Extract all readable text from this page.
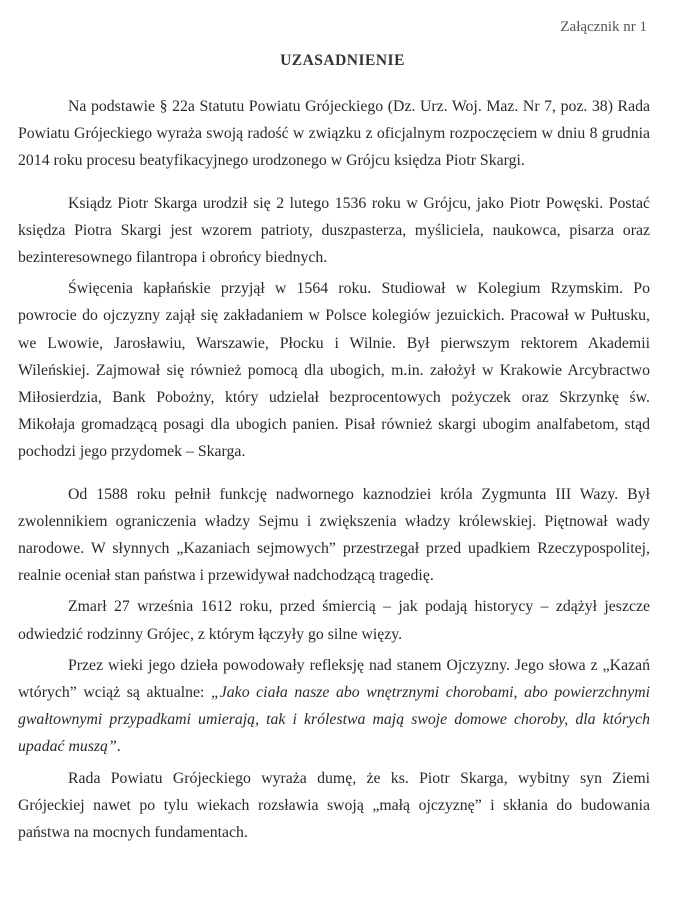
Załącznik nr 1
UZASADNIENIE

Na podstawie § 22a Statutu Powiatu Grójeckiego (Dz. Urz. Woj. Maz. Nr 7, poz. 38) Rada Powiatu Grójeckiego wyraża swoją radość w związku z oficjalnym rozpoczęciem w dniu 8 grudnia 2014 roku procesu beatyfikacyjnego urodzonego w Grójcu księdza Piotr Skargi.

Ksiądz Piotr Skarga urodził się 2 lutego 1536 roku w Grójcu, jako Piotr Powęski. Postać księdza Piotra Skargi jest wzorem patrioty, duszpasterza, myśliciela, naukowca, pisarza oraz bezinteresownego filantropa i obrońcy biednych.

Święcenia kapłańskie przyjął w 1564 roku. Studiował w Kolegium Rzymskim. Po powrocie do ojczyzny zajął się zakładaniem w Polsce kolegiów jezuickich. Pracował w Pułtusku, we Lwowie, Jarosławiu, Warszawie, Płocku i Wilnie. Był pierwszym rektorem Akademii Wileńskiej. Zajmował się również pomocą dla ubogich, m.in. założył w Krakowie Arcybractwo Miłosierdzia, Bank Pobożny, który udzielał bezprocentowych pożyczek oraz Skrzynkę św. Mikołaja gromadzącą posagi dla ubogich panien. Pisał również skargi ubogim analfabetom, stąd pochodzi jego przydomek – Skarga.

Od 1588 roku pełnił funkcję nadwornego kaznodziei króla Zygmunta III Wazy. Był zwolennikiem ograniczenia władzy Sejmu i zwiększenia władzy królewskiej. Piętnował wady narodowe. W słynnych „Kazaniach sejmowych” przestrzegał przed upadkiem Rzeczypospolitej, realnie oceniał stan państwa i przewidywał nadchodzącą tragedię.

Zmarł 27 września 1612 roku, przed śmiercią – jak podają historycy – zdążył jeszcze odwiedzić rodzinny Grójec, z którym łączyły go silne więzy.

Przez wieki jego dzieła powodowały refleksję nad stanem Ojczyzny. Jego słowa z „Kazań wtórych” wciąż są aktualne: „Jako ciała nasze abo wnętrznymi chorobami, abo powierzchnymi gwałtownymi przypadkami umierają, tak i królestwa mają swoje domowe choroby, dla których upadać muszą”.

Rada Powiatu Grójeckiego wyraża dumę, że ks. Piotr Skarga, wybitny syn Ziemi Grójeckiej nawet po tylu wiekach rozsławia swoją „małą ojczyznę” i skłania do budowania państwa na mocnych fundamentach.
